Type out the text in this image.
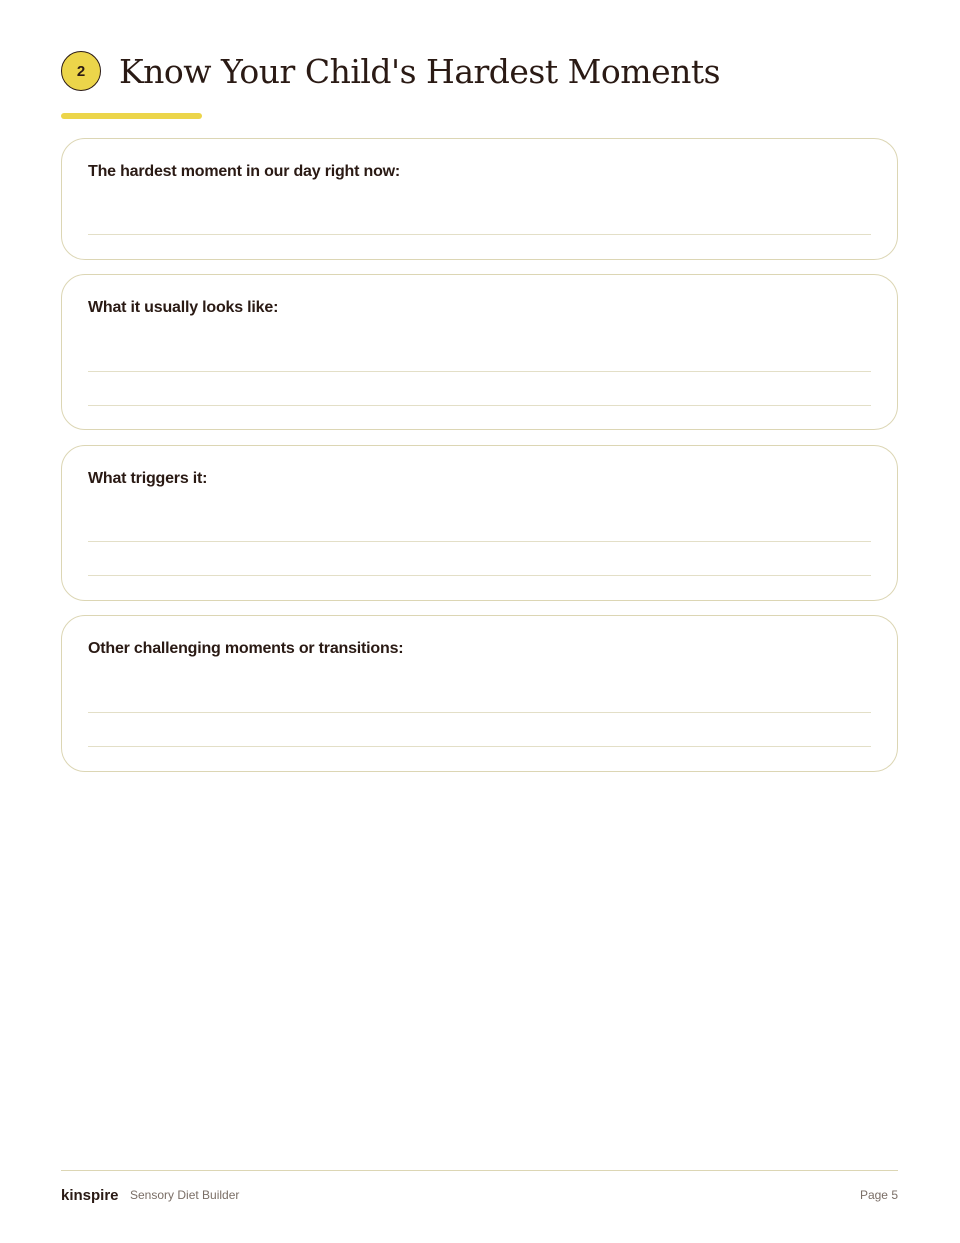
2	Know Your Child's Hardest Moments

The hardest moment in our day right now:

What it usually looks like:

What triggers it:

Other challenging moments or transitions:

kinspire Sensory Diet Builder	Page 5
